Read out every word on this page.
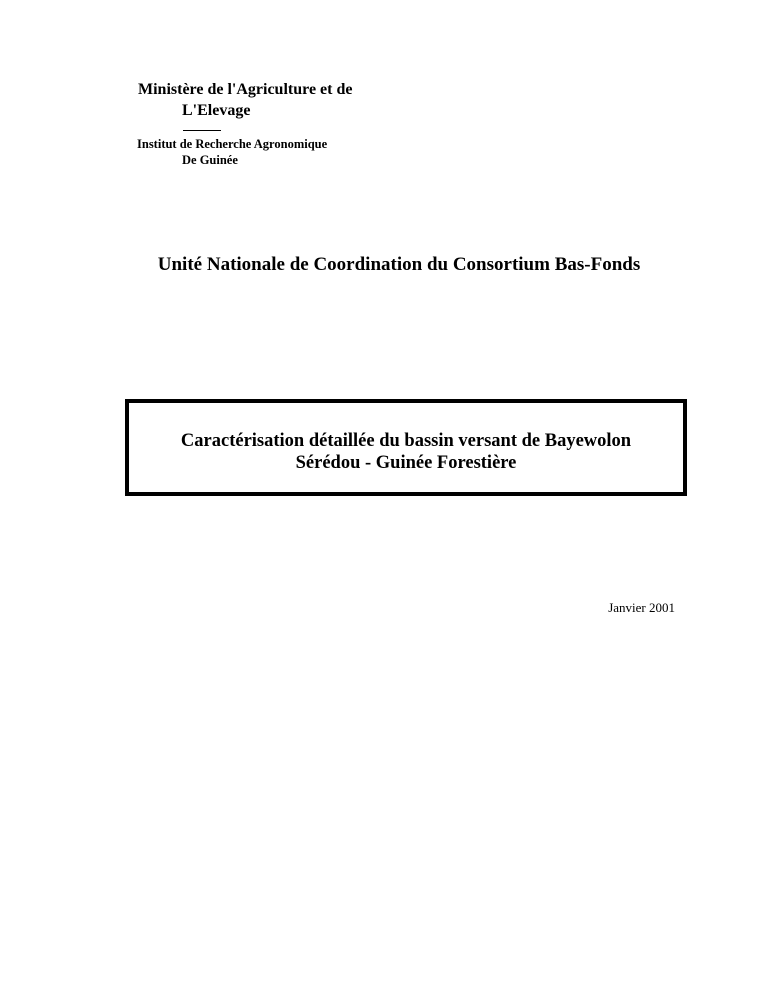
Ministère de l'Agriculture et de
L'Elevage
Institut de Recherche Agronomique
De Guinée
Unité Nationale de Coordination du Consortium Bas-Fonds
Caractérisation détaillée du bassin versant de Bayewolon
Sérédou - Guinée Forestière
Janvier 2001
